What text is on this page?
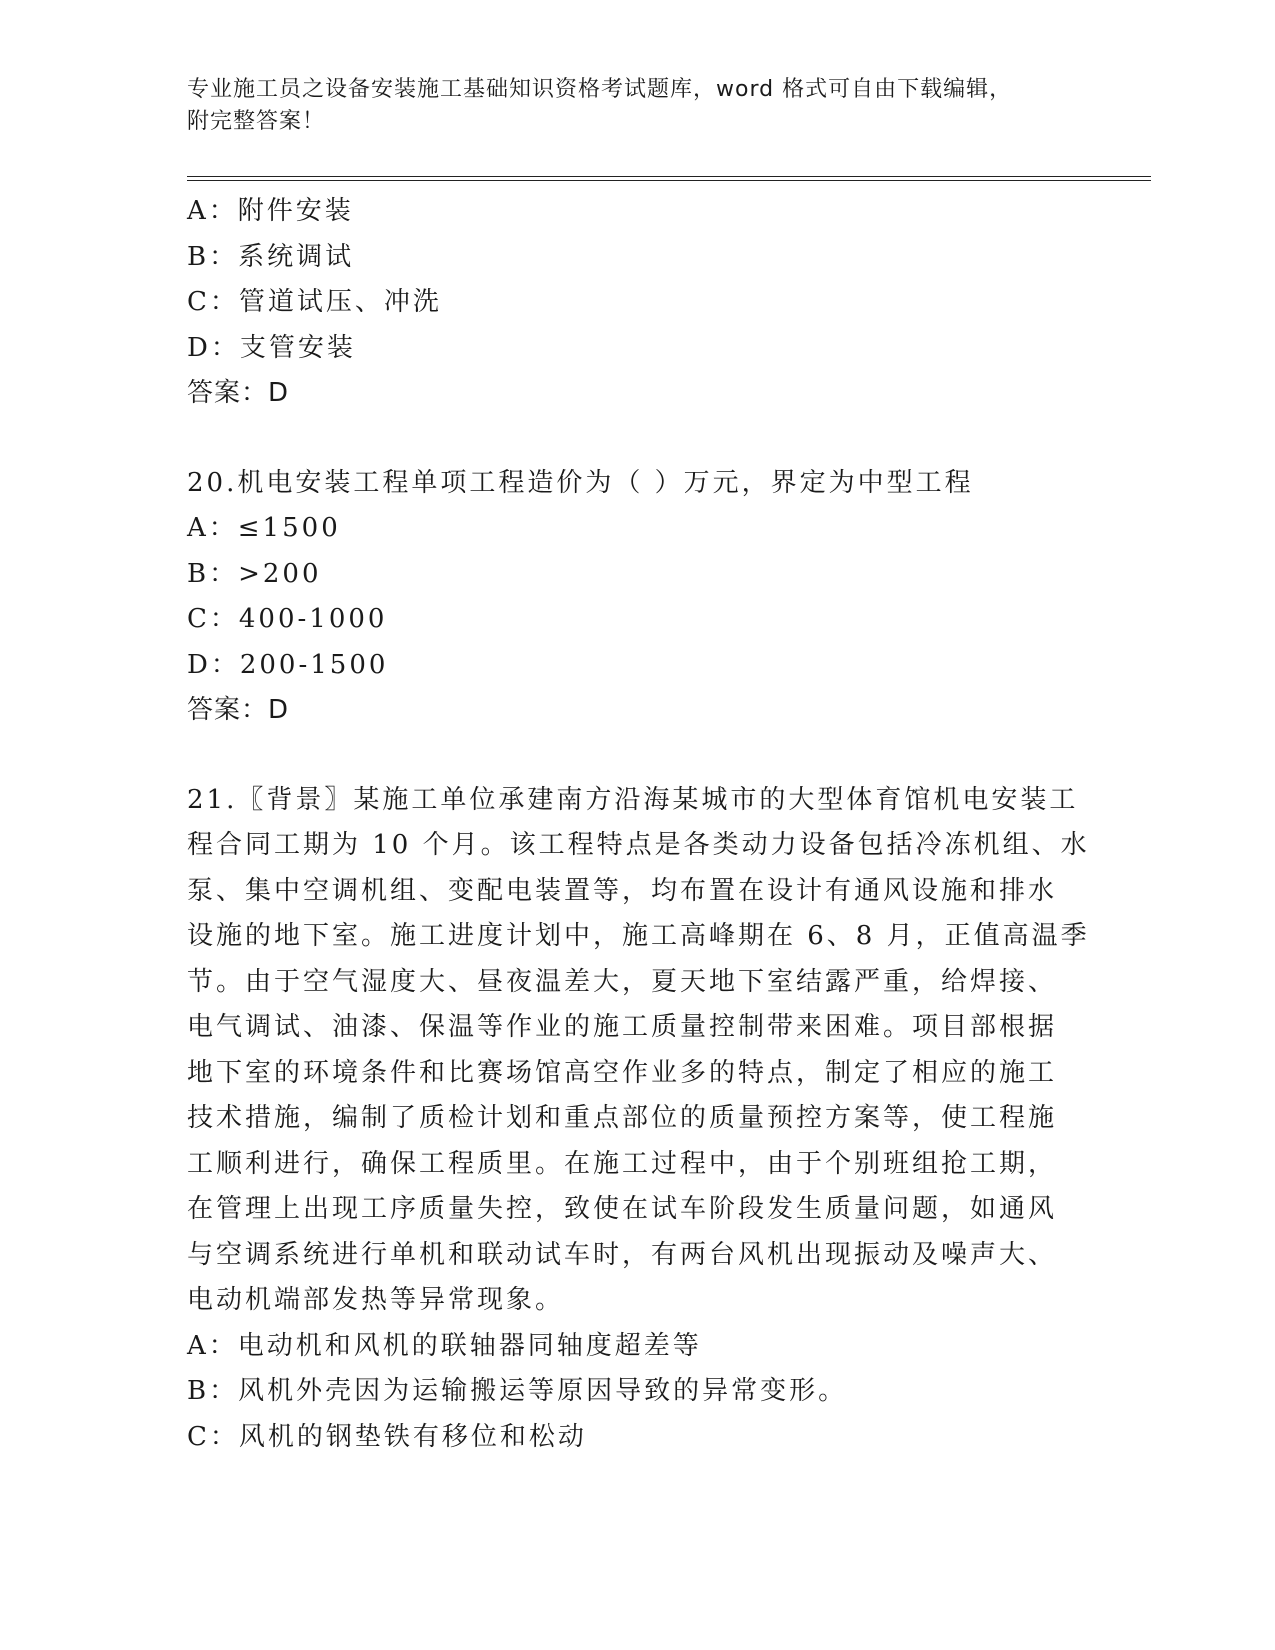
专业施工员之设备安装施工基础知识资格考试题库，word 格式可自由下载编辑，
附完整答案！
A：附件安装
B：系统调试
C：管道试压、冲洗
D：支管安装
答案：D
20.机电安装工程单项工程造价为（ ）万元，界定为中型工程
A：≤1500
B：>200
C：400-1000
D：200-1500
答案：D
21.〖背景〗某施工单位承建南方沿海某城市的大型体育馆机电安装工
程合同工期为 10 个月。该工程特点是各类动力设备包括冷冻机组、水
泵、集中空调机组、变配电装置等，均布置在设计有通风设施和排水
设施的地下室。施工进度计划中，施工高峰期在 6、8 月，正值高温季
节。由于空气湿度大、昼夜温差大，夏天地下室结露严重，给焊接、
电气调试、油漆、保温等作业的施工质量控制带来困难。项目部根据
地下室的环境条件和比赛场馆高空作业多的特点，制定了相应的施工
技术措施，编制了质检计划和重点部位的质量预控方案等，使工程施
工顺利进行，确保工程质里。在施工过程中，由于个别班组抢工期，
在管理上出现工序质量失控，致使在试车阶段发生质量问题，如通风
与空调系统进行单机和联动试车时，有两台风机出现振动及噪声大、
电动机端部发热等异常现象。
A：电动机和风机的联轴器同轴度超差等
B：风机外壳因为运输搬运等原因导致的异常变形。
C：风机的钢垫铁有移位和松动
